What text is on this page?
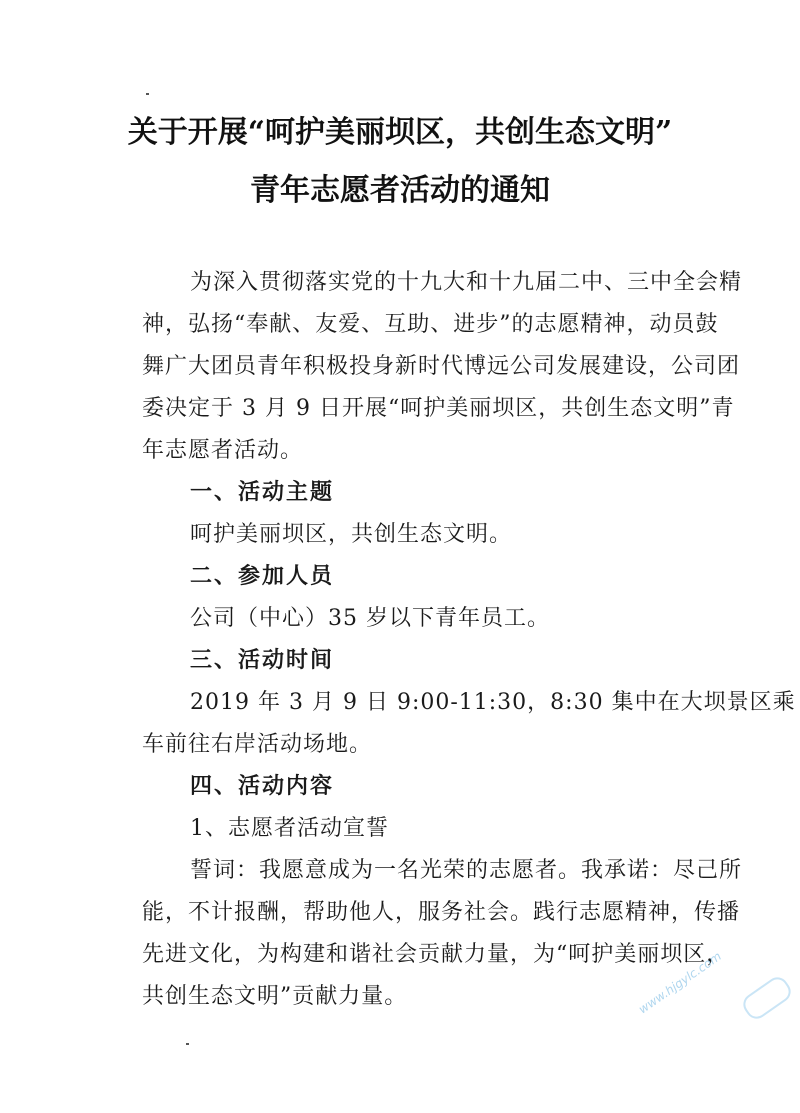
关于开展“呵护美丽坝区，共创生态文明”
青年志愿者活动的通知
为深入贯彻落实党的十九大和十九届二中、三中全会精
神，弘扬“奉献、友爱、互助、进步”的志愿精神，动员鼓
舞广大团员青年积极投身新时代博远公司发展建设，公司团
委决定于 3 月 9 日开展“呵护美丽坝区，共创生态文明”青
年志愿者活动。
一、活动主题
呵护美丽坝区，共创生态文明。
二、参加人员
公司（中心）35 岁以下青年员工。
三、活动时间
2019 年 3 月 9 日 9:00-11:30，8:30 集中在大坝景区乘
车前往右岸活动场地。
四、活动内容
1、志愿者活动宣誓
誓词：我愿意成为一名光荣的志愿者。我承诺：尽己所
能，不计报酬，帮助他人，服务社会。践行志愿精神，传播
先进文化，为构建和谐社会贡献力量，为“呵护美丽坝区，
共创生态文明”贡献力量。	www.hjgylc.com
